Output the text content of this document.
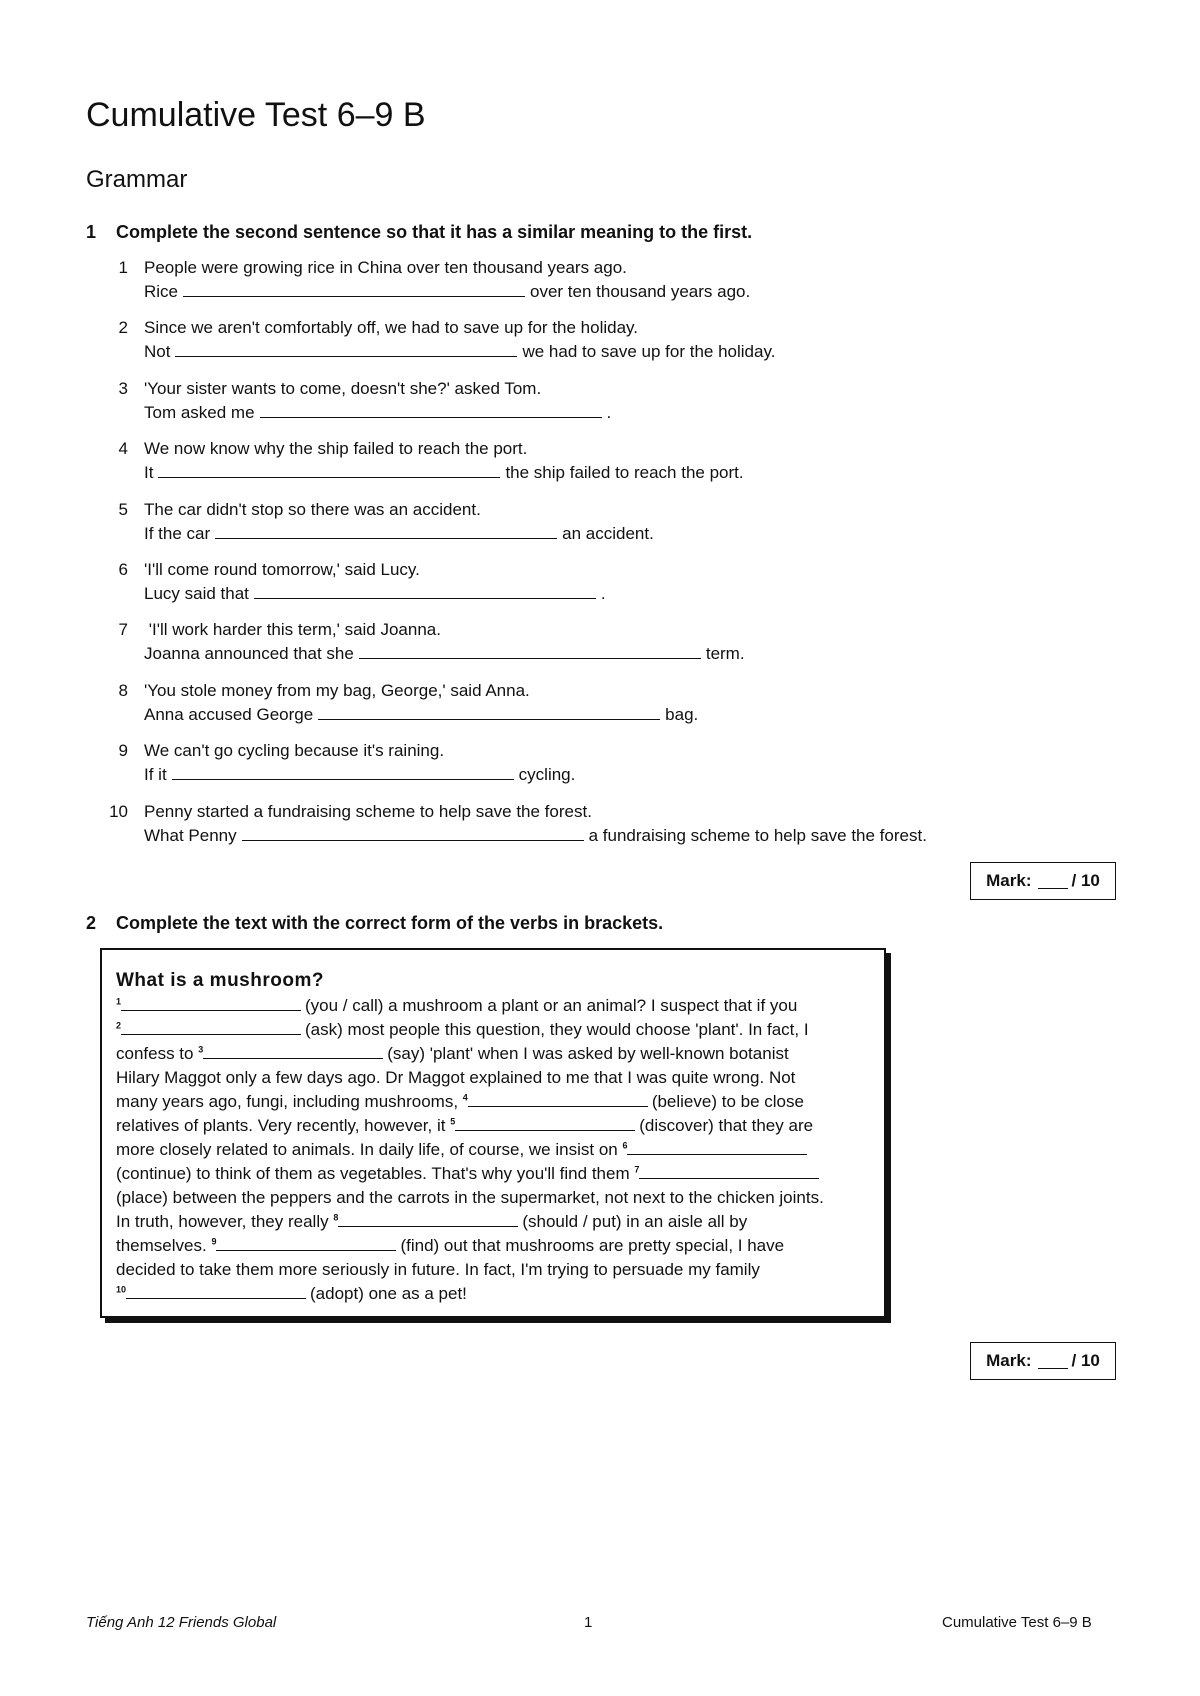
Cumulative Test 6–9 B
Grammar
1	Complete the second sentence so that it has a similar meaning to the first.
1 People were growing rice in China over ten thousand years ago.
Rice	over ten thousand years ago.
2 Since we aren't comfortably off, we had to save up for the holiday.
Not	we had to save up for the holiday.
3 'Your sister wants to come, doesn't she?' asked Tom.
Tom asked me	.
4 We now know why the ship failed to reach the port.
It	the ship failed to reach the port.
5 The car didn't stop so there was an accident.
If the car	an accident.
6 'I'll come round tomorrow,' said Lucy.
Lucy said that	.
7 'I'll work harder this term,' said Joanna.
Joanna announced that she	term.
8 'You stole money from my bag, George,' said Anna.
Anna accused George	bag.
9 We can't go cycling because it's raining.
If it	cycling.
10 Penny started a fundraising scheme to help save the forest.
What Penny	a fundraising scheme to help save the forest.
Mark: / 10
2	Complete the text with the correct form of the verbs in brackets.
What is a mushroom?
$^1$	(you / call) a mushroom a plant or an animal? I suspect that if you
$^2$	(ask) most people this question, they would choose 'plant'. In fact, I
confess to $^3$	(say) 'plant' when I was asked by well-known botanist
Hilary Maggot only a few days ago. Dr Maggot explained to me that I was quite wrong. Not
many years ago, fungi, including mushrooms, $^4$	(believe) to be close
relatives of plants. Very recently, however, it $^5$	(discover) that they are
more closely related to animals. In daily life, of course, we insist on $^6$
(continue) to think of them as vegetables. That's why you'll find them $^7$
(place) between the peppers and the carrots in the supermarket, not next to the chicken joints.
In truth, however, they really $^8$	(should / put) in an aisle all by
themselves. $^9$	(find) out that mushrooms are pretty special, I have
decided to take them more seriously in future. In fact, I'm trying to persuade my family
$^{10}$	(adopt) one as a pet!
Mark: / 10
Tiếng Anh 12 Friends Global	1	Cumulative Test 6–9 B
